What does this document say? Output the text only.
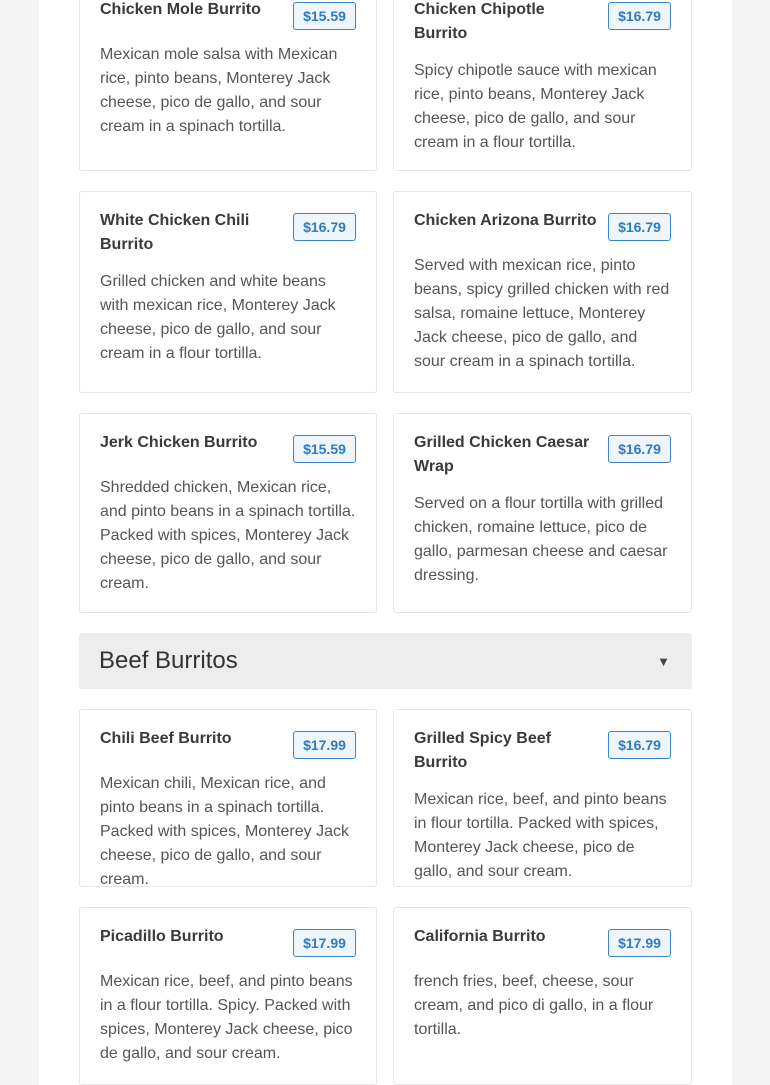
Chicken Mole Burrito	$15.59

Mexican mole salsa with Mexican rice, pinto beans, Monterey Jack cheese, pico de gallo, and sour cream in a spinach tortilla.

Chicken Chipotle Burrito
$16.79

Spicy chipotle sauce with mexican rice, pinto beans, Monterey Jack cheese, pico de gallo, and sour cream in a flour tortilla.

White Chicken Chili Burrito
$16.79

Grilled chicken and white beans with mexican rice, Monterey Jack cheese, pico de gallo, and sour cream in a flour tortilla.

Chicken Arizona Burrito	$16.79

Served with mexican rice, pinto beans, spicy grilled chicken with red salsa, romaine lettuce, Monterey Jack cheese, pico de gallo, and sour cream in a spinach tortilla.

Jerk Chicken Burrito	$15.59

Shredded chicken, Mexican rice, and pinto beans in a spinach tortilla. Packed with spices, Monterey Jack cheese, pico de gallo, and sour cream.

Grilled Chicken Caesar Wrap
$16.79

Served on a flour tortilla with grilled chicken, romaine lettuce, pico de gallo, parmesan cheese and caesar dressing.

Beef Burritos	▼
Chili Beef Burrito	$17.99

Mexican chili, Mexican rice, and pinto beans in a spinach tortilla. Packed with spices, Monterey Jack cheese, pico de gallo, and sour cream.

Grilled Spicy Beef Burrito
$16.79

Mexican rice, beef, and pinto beans in flour tortilla. Packed with spices, Monterey Jack cheese, pico de gallo, and sour cream.

Picadillo Burrito	$17.99

Mexican rice, beef, and pinto beans in a flour tortilla. Spicy. Packed with spices, Monterey Jack cheese, pico de gallo, and sour cream.

California Burrito	$17.99

french fries, beef, cheese, sour cream, and pico di gallo, in a flour tortilla.
